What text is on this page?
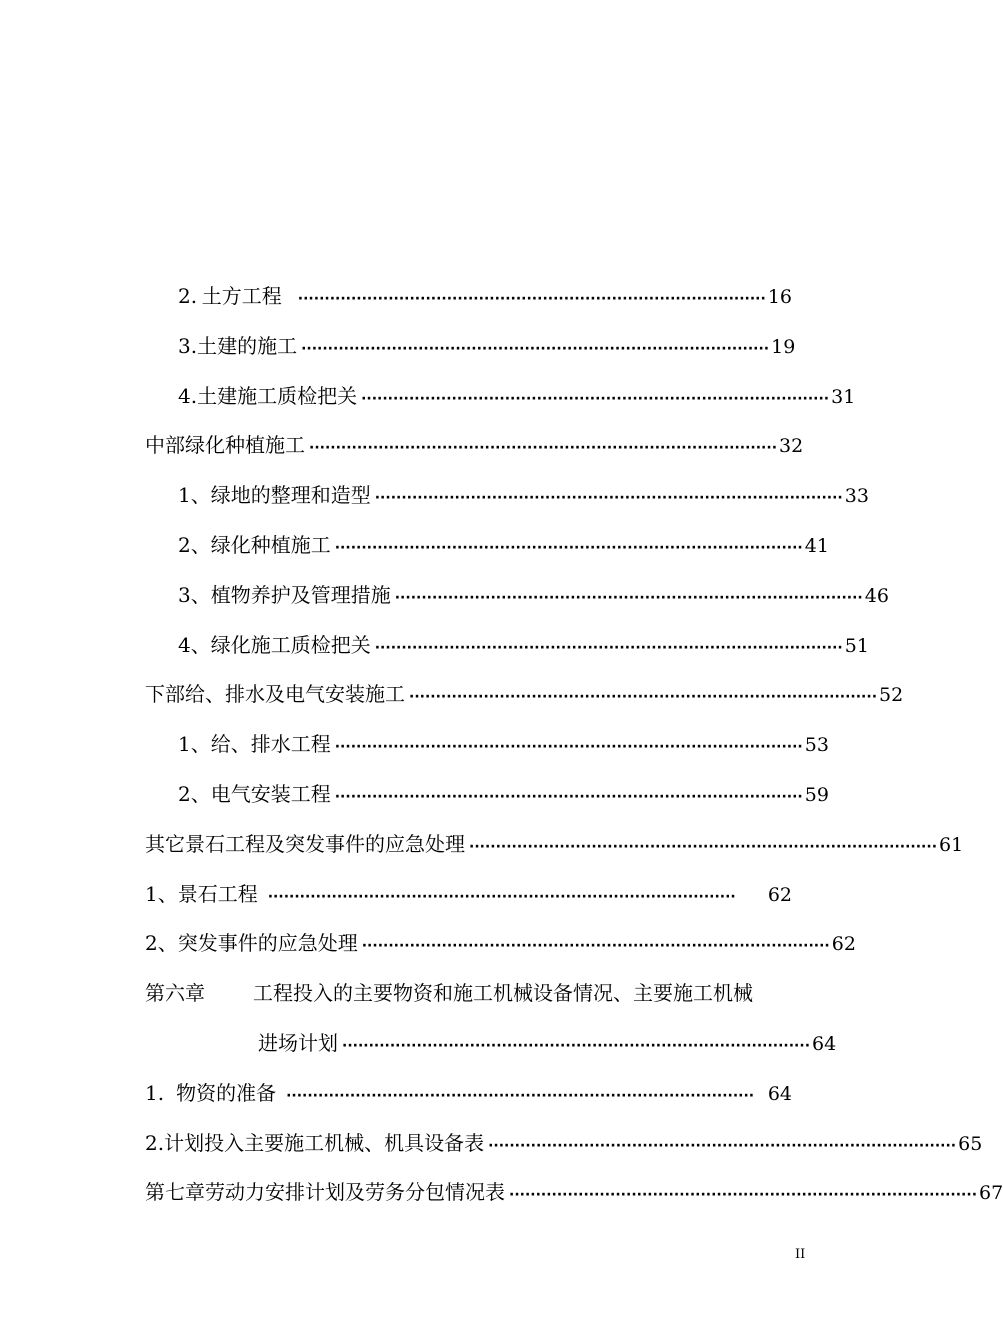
2. 土方工程 ························································································ 16
3. 土建的施工 ························································································ 19
4. 土建施工质检把关 ························································································ 31
中部 绿化种植施工 ························································································ 32
1、 绿地的整理和造型 ························································································ 33
2、 绿化种植施工 ························································································ 41
3、 植物养护及管理措施 ························································································ 46
4、 绿化施工质检把关 ························································································ 51
下部 给、排水及电气安装施工 ························································································ 52
1、 给、排水工程 ························································································ 53
2、 电气安装工程 ························································································ 59
其它 景石工程及突发事件的应急处理 ························································································ 61
1、 景石工程 ························································································	62
2、 突发事件的应急处理 ························································································ 62
第六章 工程投入的主要物资和施工机械设备情况、主要施工机械
进场计划 ························································································ 64
1. 物资的准备 ························································································ 64
2. 计划投入主要施工机械、机具设备表 ························································································ 65
第七章 劳动力安排计划及劳务分包情况表 ························································································ 67
II
